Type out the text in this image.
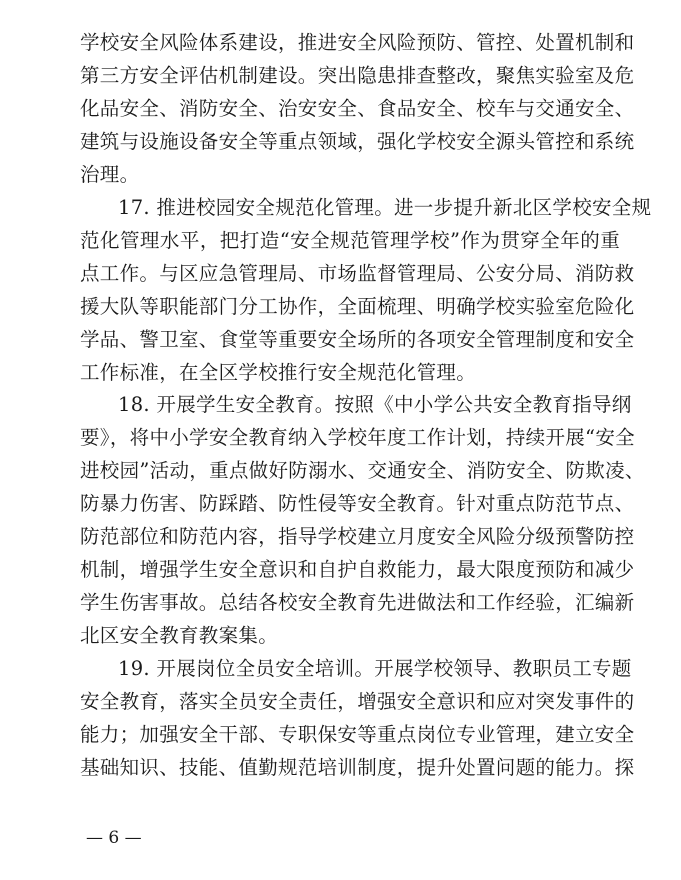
学校安全风险体系建设，推进安全风险预防、管控、处置机制和
第三方安全评估机制建设。突出隐患排查整改，聚焦实验室及危
化品安全、消防安全、治安安全、食品安全、校车与交通安全、
建筑与设施设备安全等重点领域，强化学校安全源头管控和系统
治理。
17. 推进校园安全规范化管理。进一步提升新北区学校安全规
范化管理水平，把打造“安全规范管理学校”作为贯穿全年的重
点工作。与区应急管理局、市场监督管理局、公安分局、消防救
援大队等职能部门分工协作，全面梳理、明确学校实验室危险化
学品、警卫室、食堂等重要安全场所的各项安全管理制度和安全
工作标准，在全区学校推行安全规范化管理。
18. 开展学生安全教育。按照《中小学公共安全教育指导纲
要》，将中小学安全教育纳入学校年度工作计划，持续开展“安全
进校园”活动，重点做好防溺水、交通安全、消防安全、防欺凌、
防暴力伤害、防踩踏、防性侵等安全教育。针对重点防范节点、
防范部位和防范内容，指导学校建立月度安全风险分级预警防控
机制，增强学生安全意识和自护自救能力，最大限度预防和减少
学生伤害事故。总结各校安全教育先进做法和工作经验，汇编新
北区安全教育教案集。
19. 开展岗位全员安全培训。开展学校领导、教职员工专题
安全教育，落实全员安全责任，增强安全意识和应对突发事件的
能力；加强安全干部、专职保安等重点岗位专业管理，建立安全
基础知识、技能、值勤规范培训制度，提升处置问题的能力。探
— 6 —
